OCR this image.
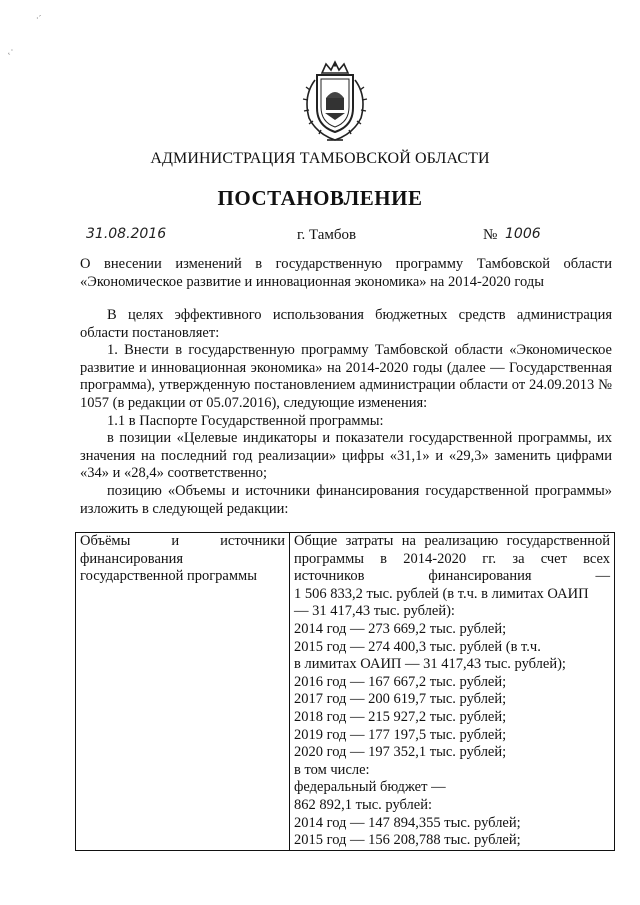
·´
˛·
АДМИНИСТРАЦИЯ ТАМБОВСКОЙ ОБЛАСТИ
ПОСТАНОВЛЕНИЕ
31.08.2016	г. Тамбов	№ 1006
О внесении изменений в государственную программу Тамбовской области «Экономическое развитие и инновационная экономика» на 2014-2020 годы

В целях эффективного использования бюджетных средств администрация области постановляет:

1. Внести в государственную программу Тамбовской области «Экономическое развитие и инновационная экономика» на 2014-2020 годы (далее — Государственная программа), утвержденную постановлением администрации области от 24.09.2013 № 1057 (в редакции от 05.07.2016), следующие изменения:

1.1 в Паспорте Государственной программы:

в позиции «Целевые индикаторы и показатели государственной программы, их значения на последний год реализации» цифры «31,1» и «29,3» заменить цифрами «34» и «28,4» соответственно;

позицию «Объемы и источники финансирования государственной программы» изложить в следующей редакции:

Объёмы и источники
финансирования
государственной программы

Общие затраты на реализацию государственной
программы в 2014-2020 гг. за счет всех
источников финансирования —
1 506 833,2 тыс. рублей (в т.ч. в лимитах ОАИП
— 31 417,43 тыс. рублей):
2014 год — 273 669,2 тыс. рублей;
2015 год — 274 400,3 тыс. рублей (в т.ч.
в лимитах ОАИП — 31 417,43 тыс. рублей);
2016 год — 167 667,2 тыс. рублей;
2017 год — 200 619,7 тыс. рублей;
2018 год — 215 927,2 тыс. рублей;
2019 год — 177 197,5 тыс. рублей;
2020 год — 197 352,1 тыс. рублей;
в том числе:
федеральный бюджет —
862 892,1 тыс. рублей:
2014 год — 147 894,355 тыс. рублей;
2015 год — 156 208,788 тыс. рублей;
